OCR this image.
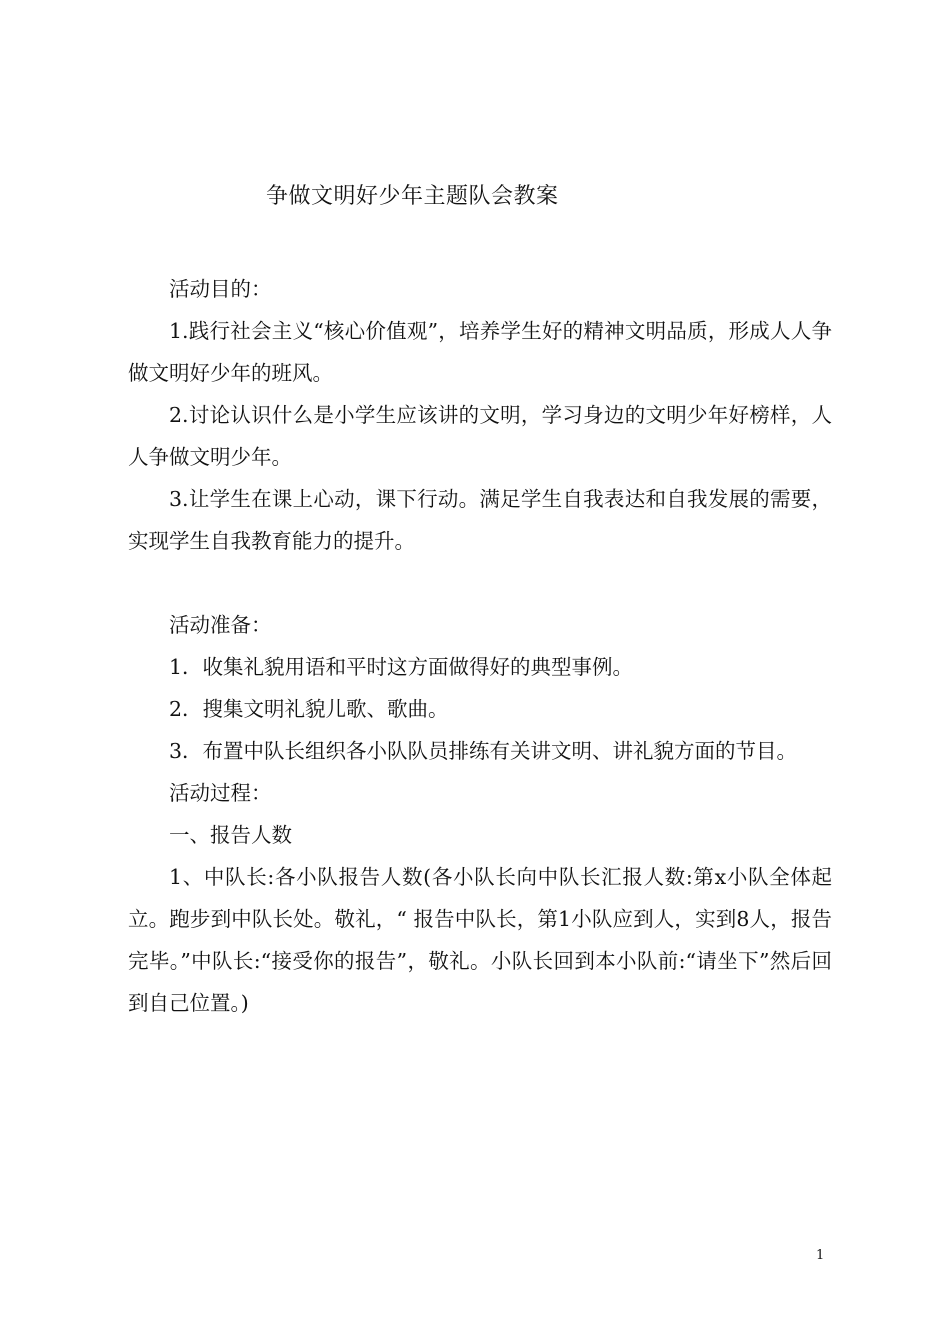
争做文明好少年主题队会教案

活动目的：

1.践行社会主义“核心价值观”，培养学生好的精神文明品质，形成人人争做文明好少年的班风。

2.讨论认识什么是小学生应该讲的文明，学习身边的文明少年好榜样，人人争做文明少年。

3.让学生在课上心动，课下行动。满足学生自我表达和自我发展的需要，实现学生自我教育能力的提升。

活动准备：

1．收集礼貌用语和平时这方面做得好的典型事例。

2．搜集文明礼貌儿歌、歌曲。

3．布置中队长组织各小队队员排练有关讲文明、讲礼貌方面的节目。

活动过程：

一、报告人数

1、中队长:各小队报告人数(各小队长向中队长汇报人数:第x小队全体起立。跑步到中队长处。敬礼，“ 报告中队长，第1小队应到人，实到8人，报告完毕。”中队长:“接受你的报告”，敬礼。小队长回到本小队前:“请坐下”然后回到自己位置。)

1
